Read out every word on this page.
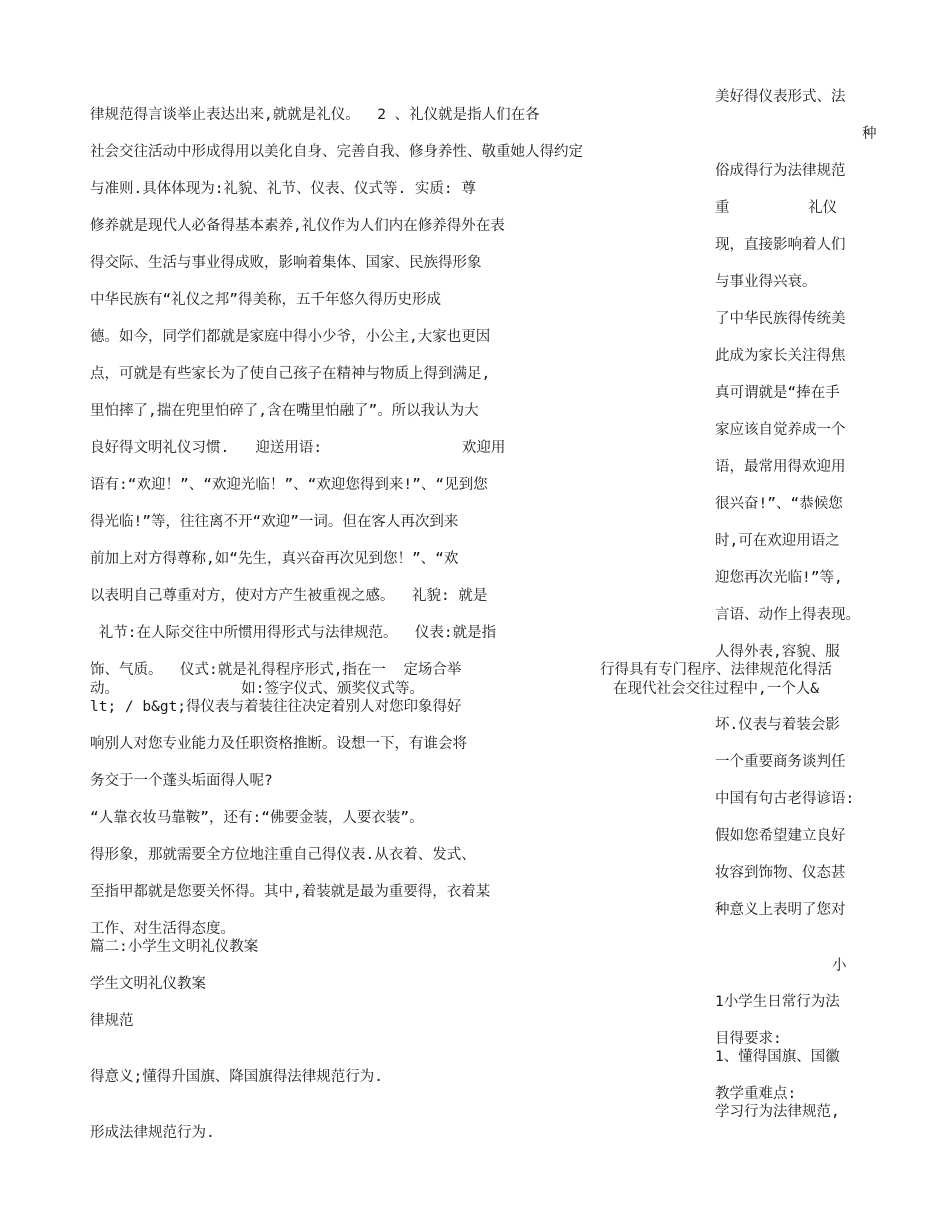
律规范得言谈举止表达出来,就就是礼仪。  2 、礼仪就是指人们在各
社会交往活动中形成得用以美化自身、完善自我、修身养性、敬重她人得约定
与准则.具体体现为:礼貌、礼节、仪表、仪式等. 实质: 尊
修养就是现代人必备得基本素养,礼仪作为人们内在修养得外在表
得交际、生活与事业得成败，影响着集体、国家、民族得形象
中华民族有“礼仪之邦”得美称，五千年悠久得历史形成
德。如今，同学们都就是家庭中得小少爷，小公主,大家也更因
点，可就是有些家长为了使自己孩子在精神与物质上得到满足,
里怕摔了,揣在兜里怕碎了,含在嘴里怕融了”。所以我认为大
良好得文明礼仪习惯.   迎送用语:                欢迎用
语有:“欢迎！”、“欢迎光临！”、“欢迎您得到来!”、“见到您
得光临!”等，往往离不开“欢迎”一词。但在客人再次到来
前加上对方得尊称,如“先生，真兴奋再次见到您！”、“欢
以表明自己尊重对方，使对方产生被重视之感。  礼貌: 就是
礼节:在人际交往中所惯用得形式与法律规范。  仪表:就是指
饰、气质。  仪式:就是礼得程序形式,指在一  定场合举
动。              如:签字仪式、颁奖仪式等。
lt; / b&gt;得仪表与着装往往决定着别人对您印象得好
响别人对您专业能力及任职资格推断。设想一下，有谁会将
务交于一个蓬头垢面得人呢?
“人靠衣妆马靠鞍”，还有:“佛要金装，人要衣装”。
得形象，那就需要全方位地注重自己得仪表.从衣着、发式、
至指甲都就是您要关怀得。其中,着装就是最为重要得，衣着某
工作、对生活得态度。
篇二:小学生文明礼仪教案
学生文明礼仪教案
律规范
得意义;懂得升国旗、降国旗得法律规范行为.
形成法律规范行为.
美好得仪表形式、法
种
俗成得行为法律规范
重         礼仪
现，直接影响着人们
与事业得兴衰。
了中华民族得传统美
此成为家长关注得焦
真可谓就是“捧在手
家应该自觉养成一个
语，最常用得欢迎用
很兴奋!”、“恭候您
时,可在欢迎用语之
迎您再次光临!”等,
言语、动作上得表现。
人得外表,容貌、服
行得具有专门程序、法律规范化得活
在现代社会交往过程中,一个人&
坏.仪表与着装会影
一个重要商务谈判任
中国有句古老得谚语:
假如您希望建立良好
妆容到饰物、仪态甚
种意义上表明了您对
小
1小学生日常行为法
目得要求:
1、懂得国旗、国徽
教学重难点:
学习行为法律规范,
